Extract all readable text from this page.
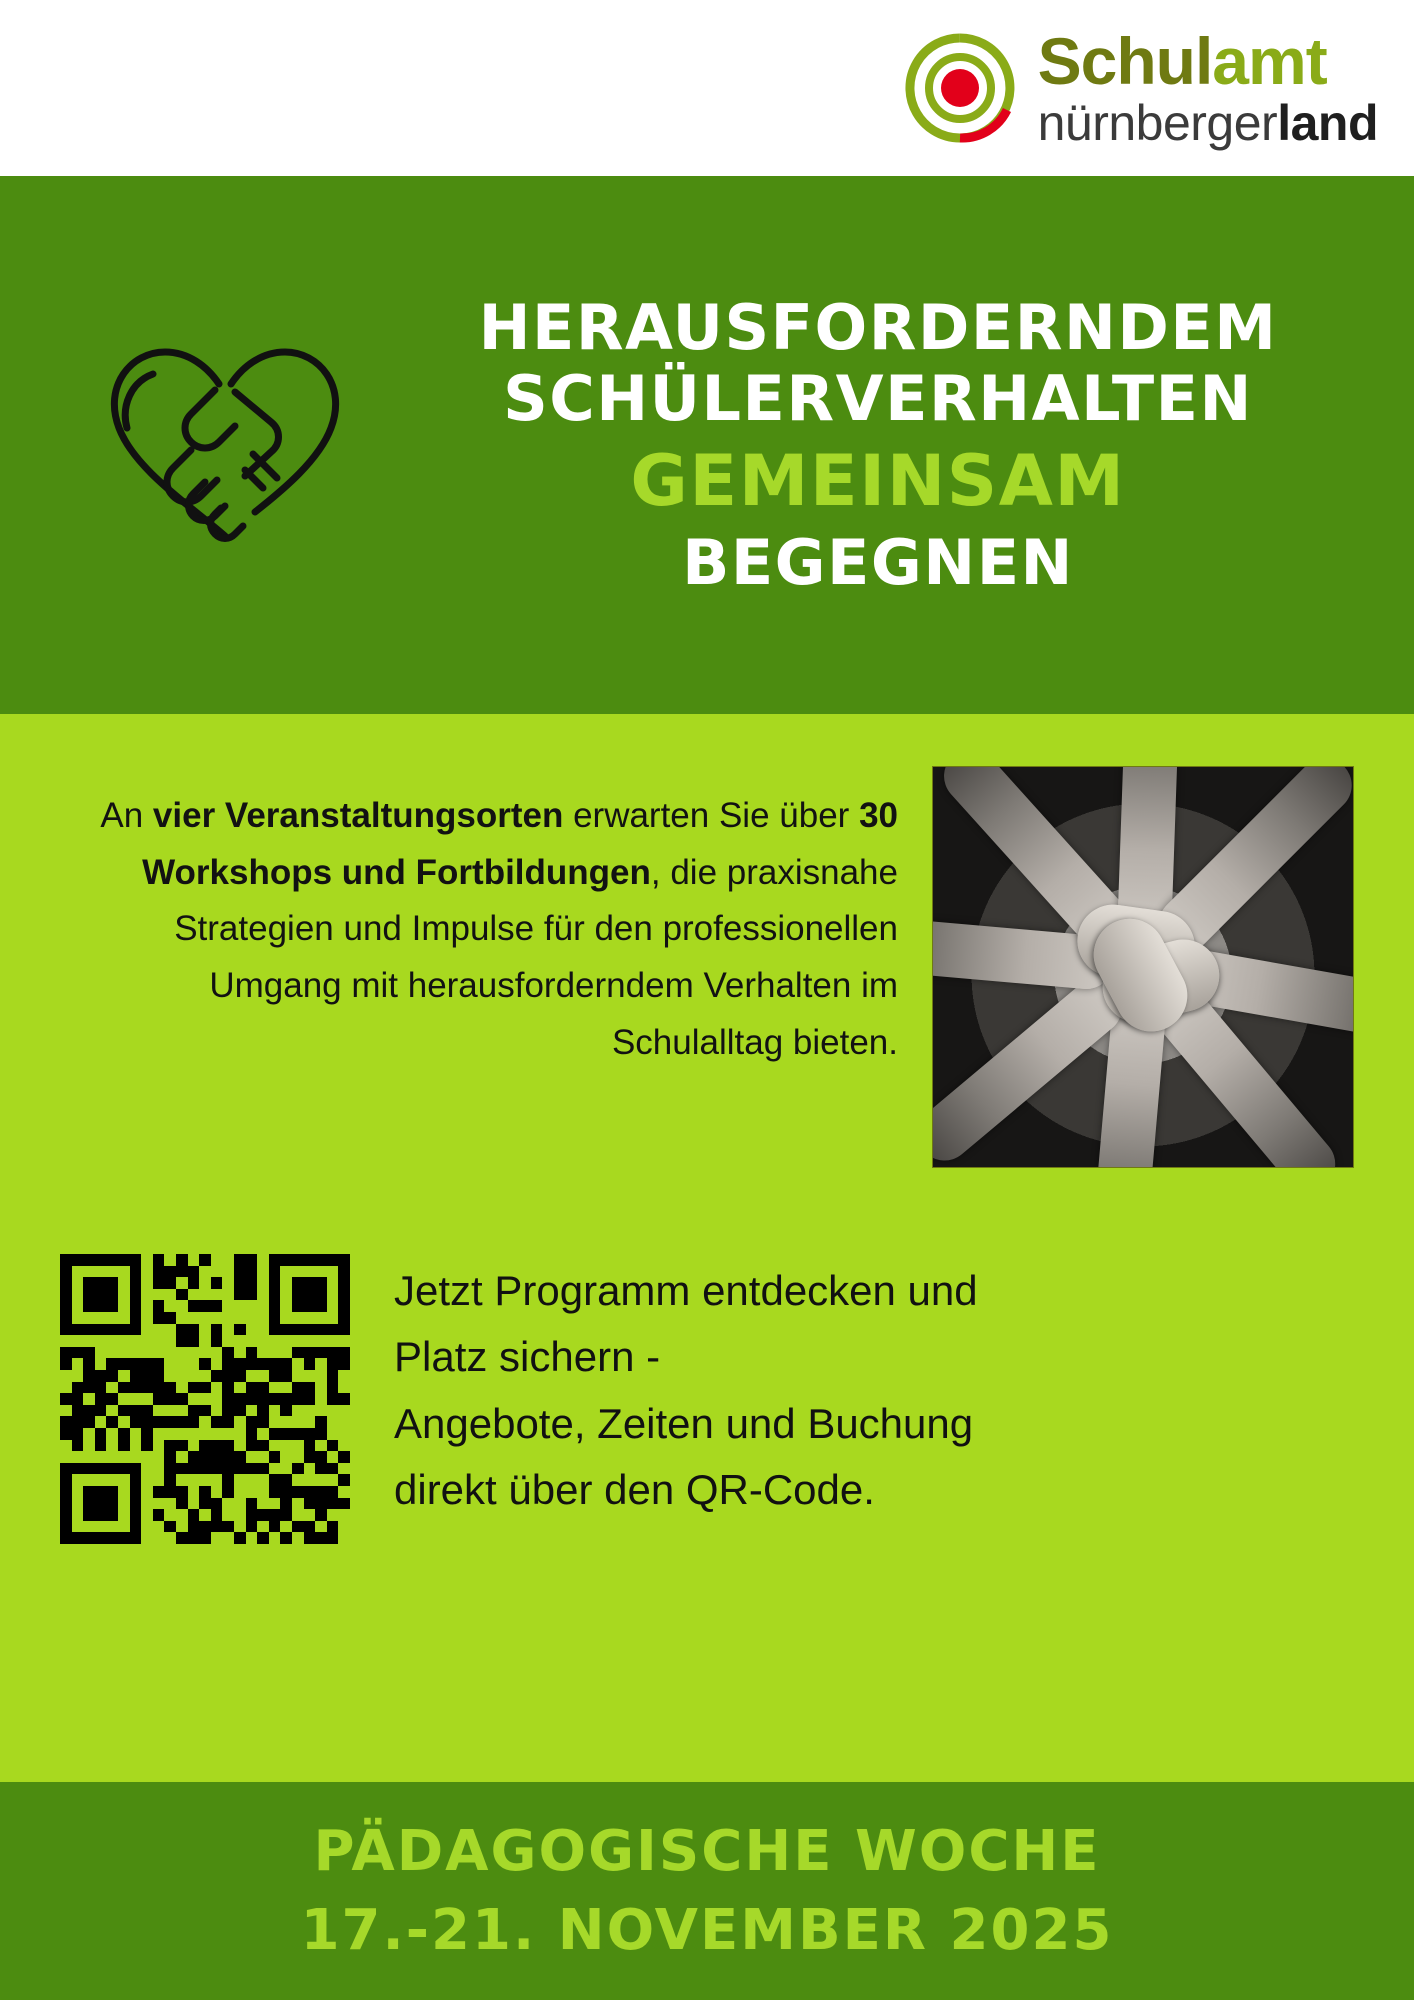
Schulamt
nürnbergerland
HERAUSFORDERNDEM
SCHÜLERVERHALTEN
GEMEINSAM
BEGEGNEN
An vier Veranstaltungsorten erwarten Sie über 30 Workshops und Fortbildungen, die praxisnahe Strategien und Impulse für den professionellen Umgang mit herausforderndem Verhalten im Schulalltag bieten.
Jetzt Programm entdecken und
Platz sichern -
Angebote, Zeiten und Buchung
direkt über den QR-Code.
PÄDAGOGISCHE WOCHE
17.-21. NOVEMBER 2025
